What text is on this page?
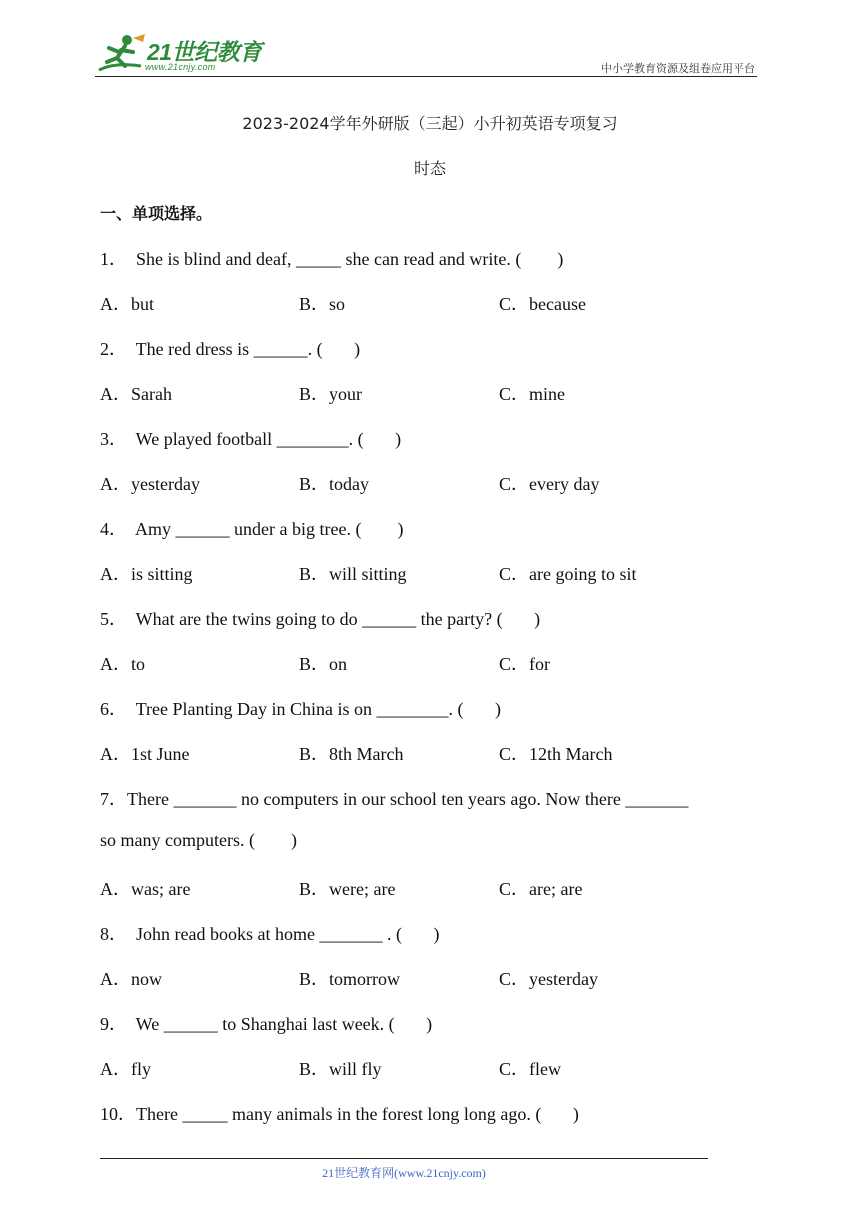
21世纪教育
www.21cnjy.com	中小学教育资源及组卷应用平台
2023-2024学年外研版（三起）小升初英语专项复习
时态
一、单项选择。
1．  She is blind and deaf, _____ she can read and write. (        )
A．but	B．so	C．because
2．  The red dress is ______. (       )
A．Sarah	B．your	C．mine
3．  We played football ________. (       )
A．yesterday	B．today	C．every day
4．  Amy ______ under a big tree. (        )
A．is sitting	B．will sitting	C．are going to sit
5．  What are the twins going to do ______ the party? (       )
A．to	B．on	C．for
6．  Tree Planting Day in China is on ________. (       )
A．1st June	B．8th March	C．12th March
7．There _______ no computers in our school ten years ago. Now there _______
so many computers. (        )
A．was; are	B．were; are	C．are; are
8．  John read books at home _______ . (       )
A．now	B．tomorrow	C．yesterday
9．  We ______ to Shanghai last week. (       )
A．fly	B．will fly	C．flew
10．There _____ many animals in the forest long long ago. (       )
21世纪教育网(www.21cnjy.com)
